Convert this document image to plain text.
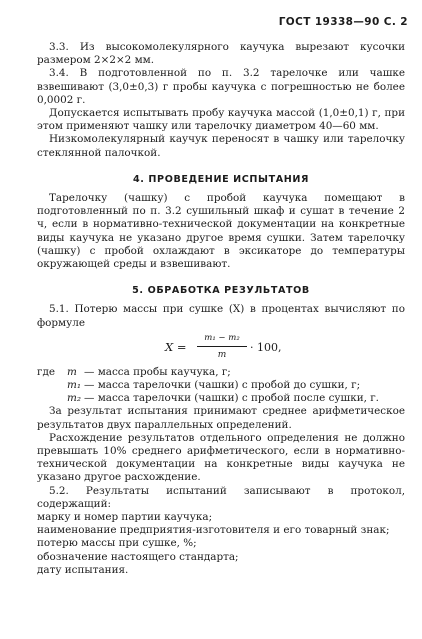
ГОСТ 19338—90 С. 2

3.3. Из высокомолекулярного каучука вырезают кусочки размером 2×2×2 мм.

3.4. В подготовленной по п. 3.2 тарелочке или чашке взвешивают (3,0±0,3) г пробы каучука с погрешностью не более 0,0002 г.

Допускается испытывать пробу каучука массой (1,0±0,1) г, при этом применяют чашку или тарелочку диаметром 40—60 мм.

Низкомолекулярный каучук переносят в чашку или тарелочку стеклянной палочкой.

4. ПРОВЕДЕНИЕ ИСПЫТАНИЯ

Тарелочку (чашку) с пробой каучука помещают в подготовленный по п. 3.2 сушильный шкаф и сушат в течение 2 ч, если в нормативно-технической документации на конкретные виды каучука не указано другое время сушки. Затем тарелочку (чашку) с пробой охлаждают в эксикаторе до температуры окружающей среды и взвешивают.

5. ОБРАБОТКА РЕЗУЛЬТАТОВ

5.1. Потерю массы при сушке (X) в процентах вычисляют по формуле

X =
m₁ − m₂
m
· 100,
где m — масса пробы каучука, г;
m₁ — масса тарелочки (чашки) с пробой до сушки, г;
m₂ — масса тарелочки (чашки) с пробой после сушки, г.

За результат испытания принимают среднее арифметическое результатов двух параллельных определений.

Расхождение результатов отдельного определения не должно превышать 10% среднего арифметического, если в нормативно-технической документации на конкретные виды каучука не указано другое расхождение.

5.2. Результаты испытаний записывают в протокол, содержащий:

марку и номер партии каучука;

наименование предприятия-изготовителя и его товарный знак;

потерю массы при сушке, %;

обозначение настоящего стандарта;

дату испытания.
